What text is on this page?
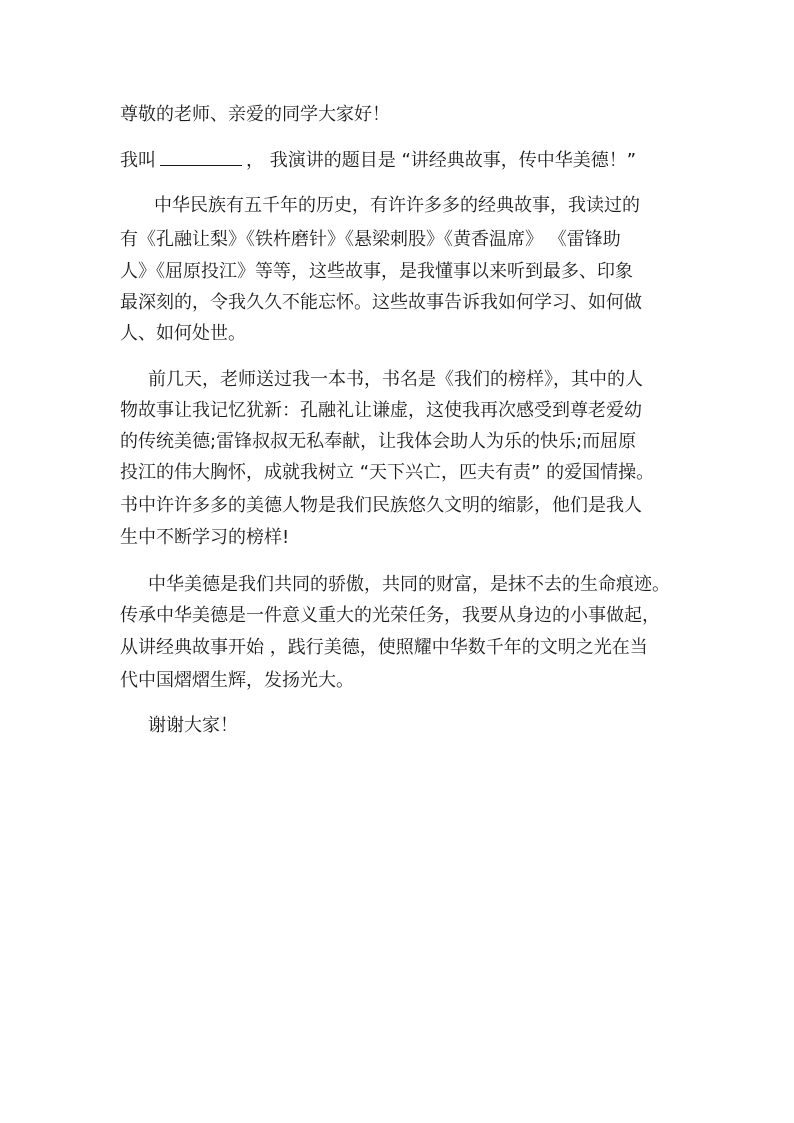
尊敬的老师、亲爱的同学大家好！
我叫	， 我演讲的题目是 “讲经典故事，传中华美德！”
中华民族有五千年的历史，有许许多多的经典故事，我读过的
有《孔融让梨》《铁杵磨针》《悬梁刺股》《黄香温席》 《雷锋助
人》《屈原投江》等等，这些故事，是我懂事以来听到最多、印象
最深刻的，令我久久不能忘怀。这些故事告诉我如何学习、如何做
人、如何处世。
前几天，老师送过我一本书，书名是《我们的榜样》，其中的人
物故事让我记忆犹新：孔融礼让谦虚，这使我再次感受到尊老爱幼
的传统美德;雷锋叔叔无私奉献，让我体会助人为乐的快乐;而屈原
投江的伟大胸怀，成就我树立 “天下兴亡，匹夫有责” 的爱国情操。
书中许许多多的美德人物是我们民族悠久文明的缩影，他们是我人
生中不断学习的榜样!
中华美德是我们共同的骄傲，共同的财富，是抹不去的生命痕迹。
传承中华美德是一件意义重大的光荣任务，我要从身边的小事做起，
从讲经典故事开始 ，践行美德，使照耀中华数千年的文明之光在当
代中国熠熠生辉，发扬光大。
谢谢大家！
